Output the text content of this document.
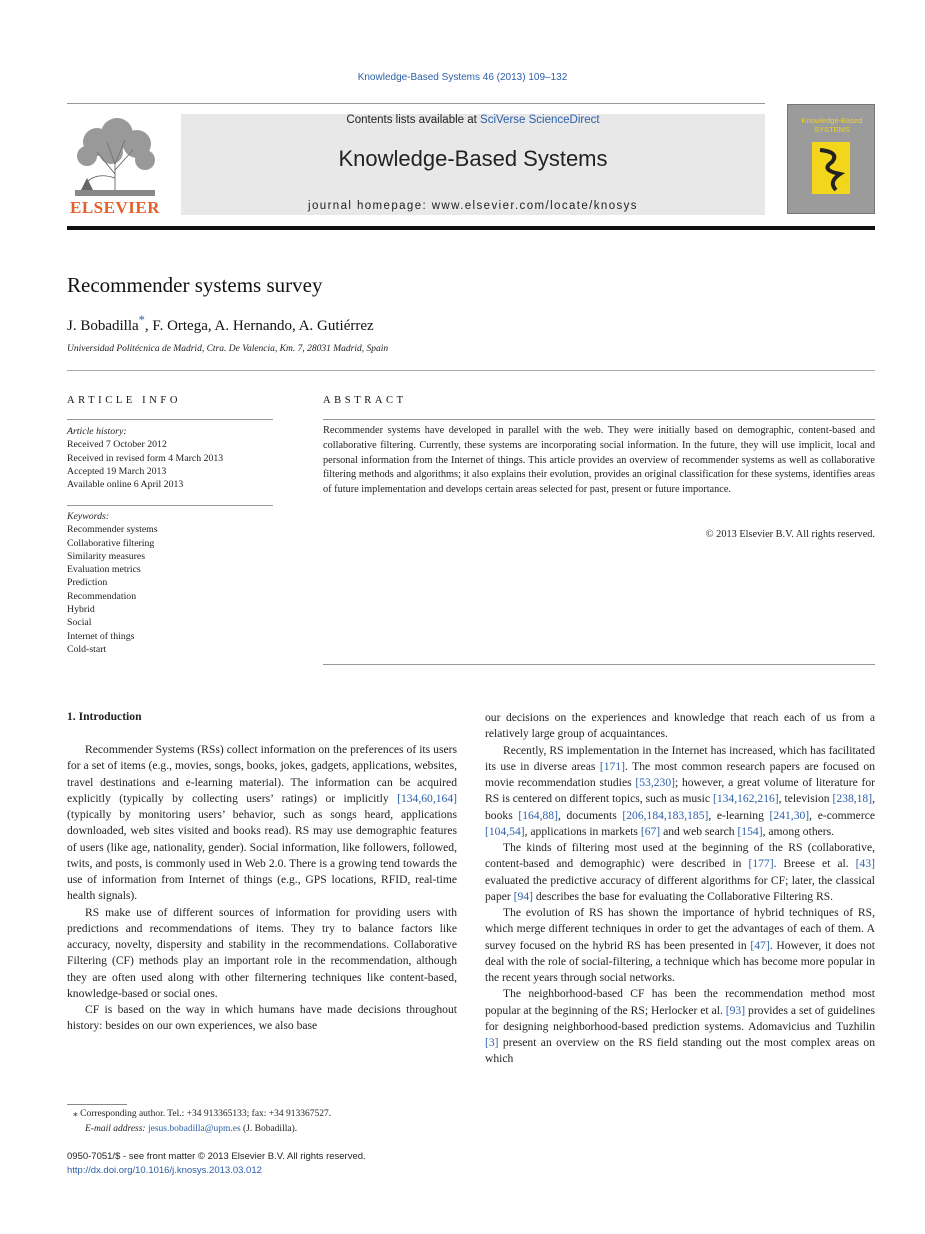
Knowledge-Based Systems 46 (2013) 109–132
ELSEVIER
Contents lists available at SciVerse ScienceDirect
Knowledge-Based Systems
journal homepage: www.elsevier.com/locate/knosys
Knowledge-Based
SYSTEMS
Recommender systems survey
J. Bobadilla*, F. Ortega, A. Hernando, A. Gutiérrez
Universidad Politécnica de Madrid, Ctra. De Valencia, Km. 7, 28031 Madrid, Spain
ARTICLE INFO	ABSTRACT
Article history:
Received 7 October 2012
Received in revised form 4 March 2013
Accepted 19 March 2013
Available online 6 April 2013
Keywords:
Recommender systems
Collaborative filtering
Similarity measures
Evaluation metrics
Prediction
Recommendation
Hybrid
Social
Internet of things
Cold-start
Recommender systems have developed in parallel with the web. They were initially based on demographic, content-based and collaborative filtering. Currently, these systems are incorporating social information. In the future, they will use implicit, local and personal information from the Internet of things. This article provides an overview of recommender systems as well as collaborative filtering methods and algorithms; it also explains their evolution, provides an original classification for these systems, identifies areas of future implementation and develops certain areas selected for past, present or future importance.
© 2013 Elsevier B.V. All rights reserved.
1. Introduction

Recommender Systems (RSs) collect information on the preferences of its users for a set of items (e.g., movies, songs, books, jokes, gadgets, applications, websites, travel destinations and e-learning material). The information can be acquired explicitly (typically by collecting users’ ratings) or implicitly [134,60,164] (typically by monitoring users’ behavior, such as songs heard, applications downloaded, web sites visited and books read). RS may use demographic features of users (like age, nationality, gender). Social information, like followers, followed, twits, and posts, is commonly used in Web 2.0. There is a growing tend towards the use of information from Internet of things (e.g., GPS locations, RFID, real-time health signals).

RS make use of different sources of information for providing users with predictions and recommendations of items. They try to balance factors like accuracy, novelty, dispersity and stability in the recommendations. Collaborative Filtering (CF) methods play an important role in the recommendation, although they are often used along with other filternering techniques like content-based, knowledge-based or social ones.

CF is based on the way in which humans have made decisions throughout history: besides on our own experiences, we also base

our decisions on the experiences and knowledge that reach each of us from a relatively large group of acquaintances.

Recently, RS implementation in the Internet has increased, which has facilitated its use in diverse areas [171]. The most common research papers are focused on movie recommendation studies [53,230]; however, a great volume of literature for RS is centered on different topics, such as music [134,162,216], television [238,18], books [164,88], documents [206,184,183,185], e-learning [241,30], e-commerce [104,54], applications in markets [67] and web search [154], among others.

The kinds of filtering most used at the beginning of the RS (collaborative, content-based and demographic) were described in [177]. Breese et al. [43] evaluated the predictive accuracy of different algorithms for CF; later, the classical paper [94] describes the base for evaluating the Collaborative Filtering RS.

The evolution of RS has shown the importance of hybrid techniques of RS, which merge different techniques in order to get the advantages of each of them. A survey focused on the hybrid RS has been presented in [47]. However, it does not deal with the role of social-filtering, a technique which has become more popular in the recent years through social networks.

The neighborhood-based CF has been the recommendation method most popular at the beginning of the RS; Herlocker et al. [93] provides a set of guidelines for designing neighborhood-based prediction systems. Adomavicius and Tuzhilin [3] present an overview on the RS field standing out the most complex areas on which

⁎ Corresponding author. Tel.: +34 913365133; fax: +34 913367527.
E-mail address: jesus.bobadilla@upm.es (J. Bobadilla).
0950-7051/$ - see front matter © 2013 Elsevier B.V. All rights reserved.
http://dx.doi.org/10.1016/j.knosys.2013.03.012
